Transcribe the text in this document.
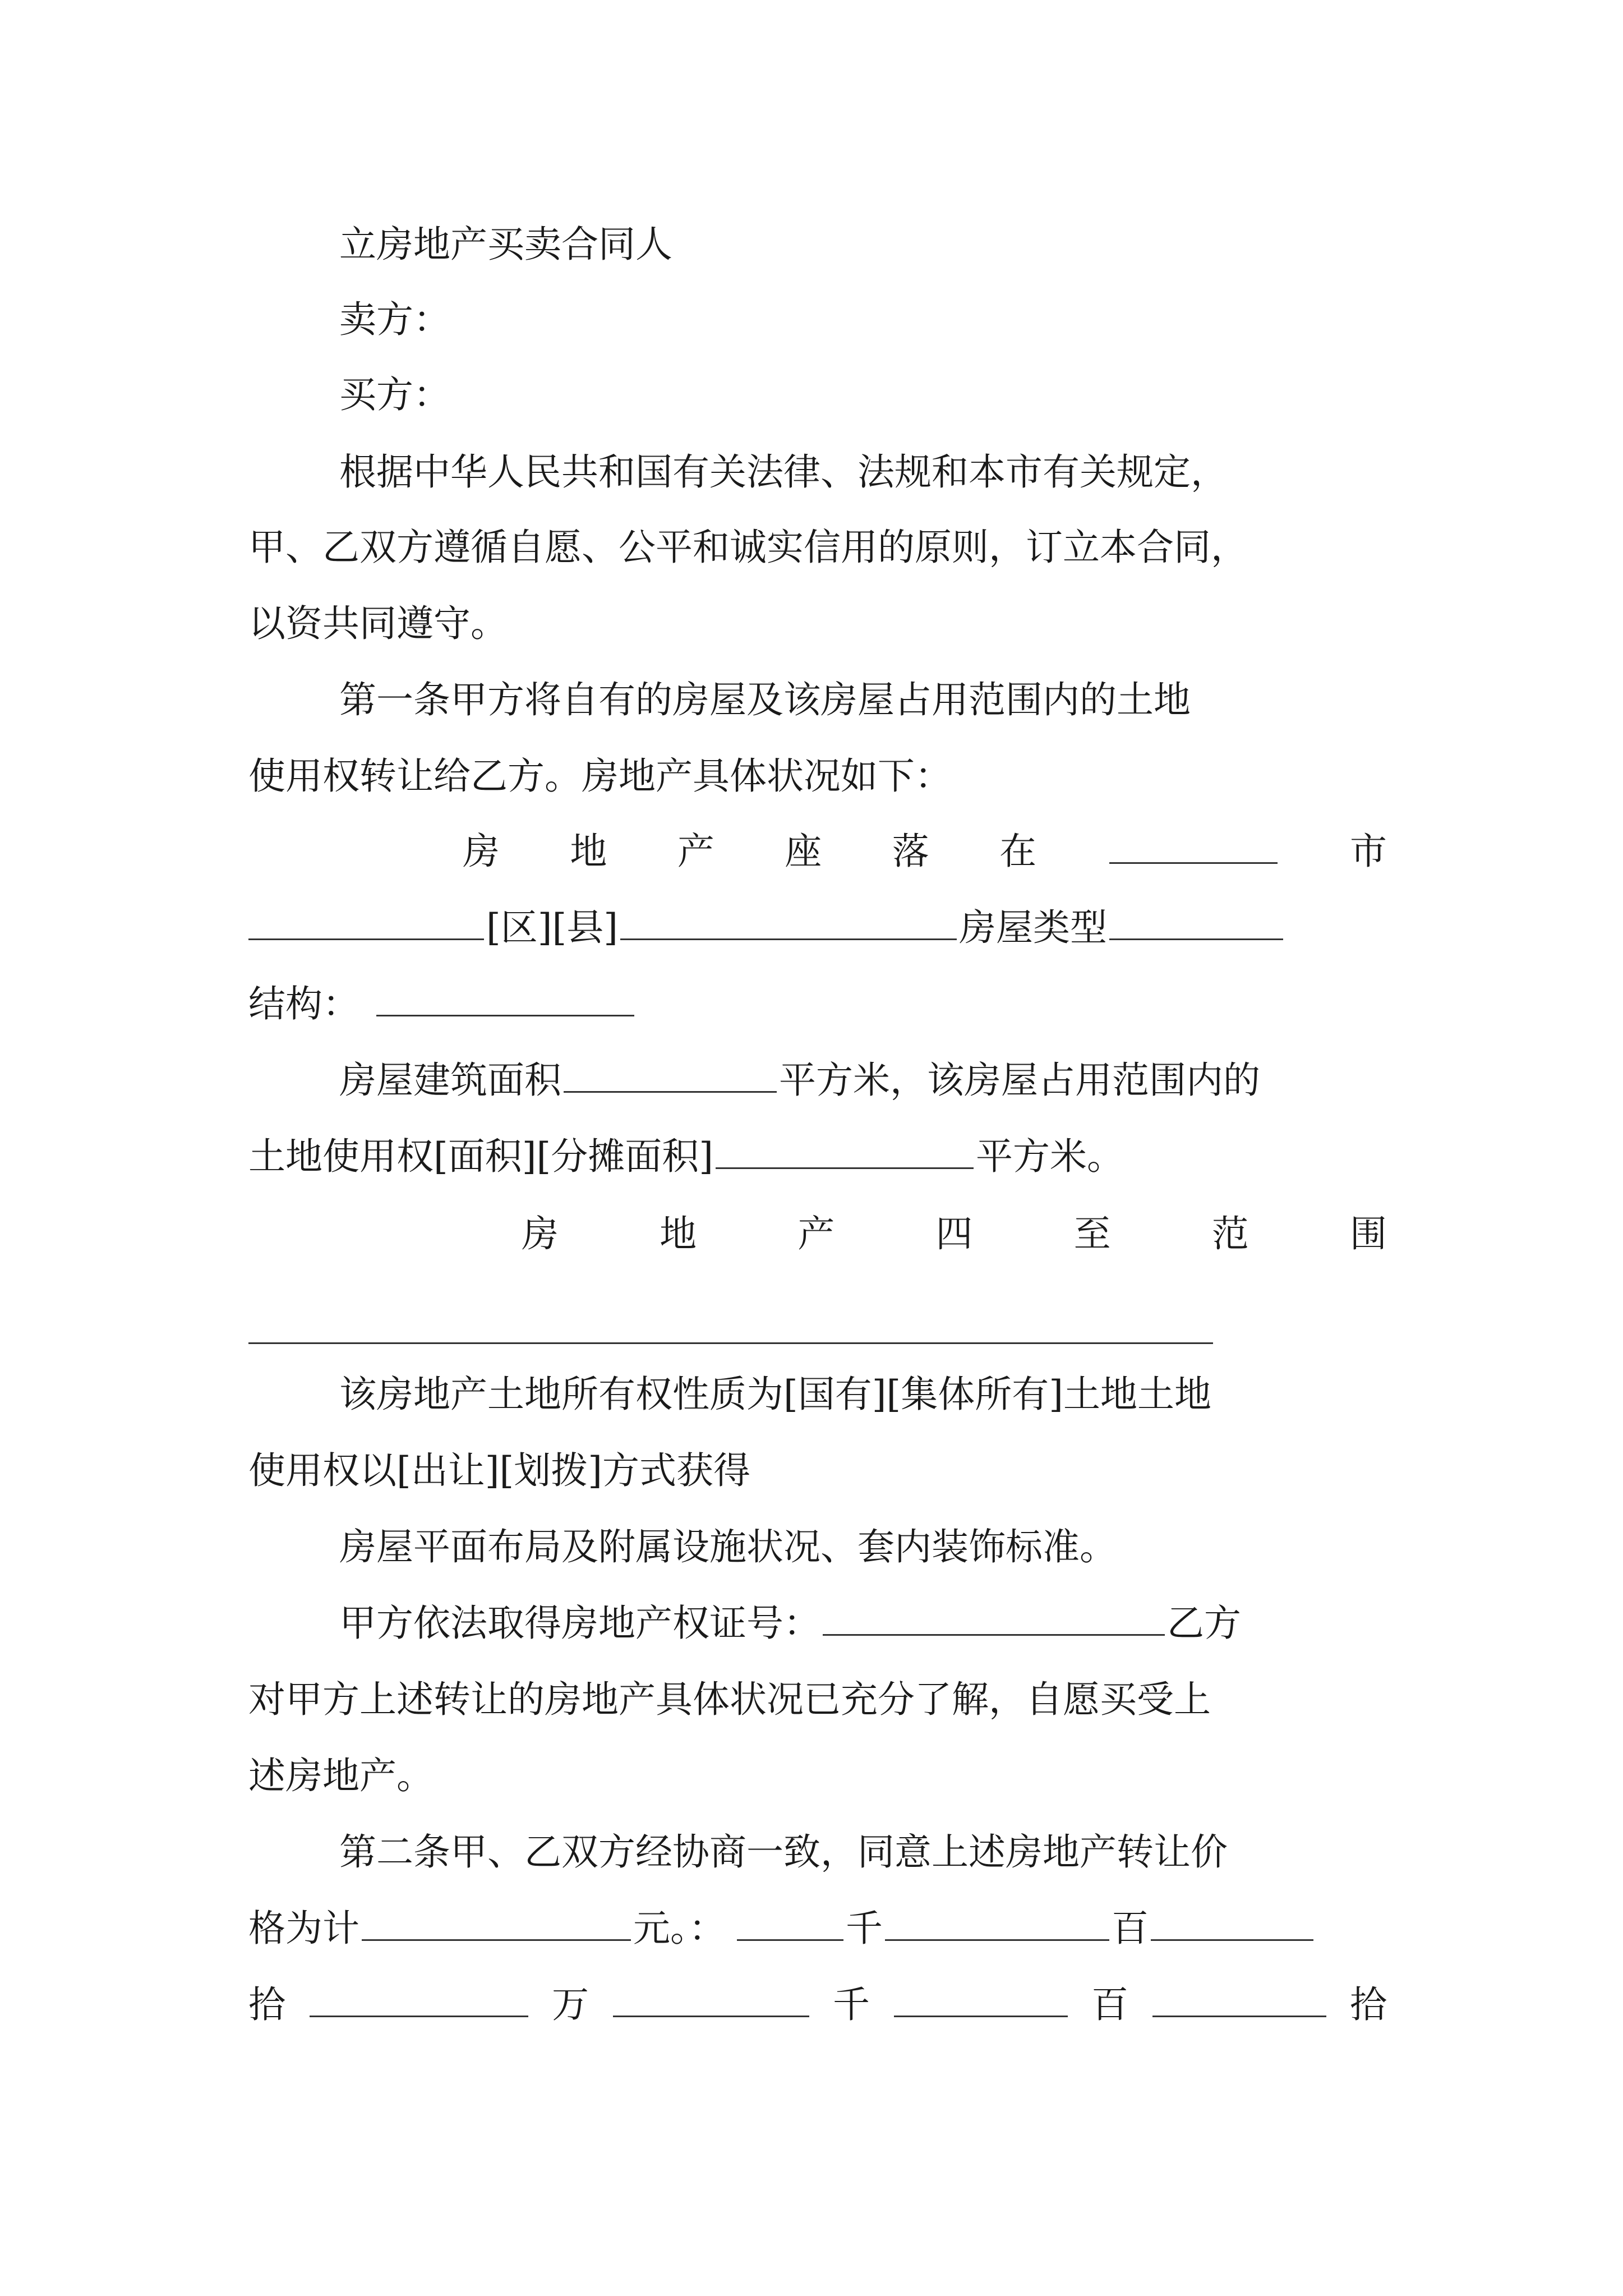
立房地产买卖合同人
卖方：
买方：
根据中华人民共和国有关法律、法规和本市有关规定，
甲、乙双方遵循自愿、公平和诚实信用的原则，订立本合同，
以资共同遵守。
第一条甲方将自有的房屋及该房屋占用范围内的土地
使用权转让给乙方。房地产具体状况如下：
房 地 产 座 落 在	市
[区][县]	房屋类型
结构：
房屋建筑面积	平方米，该房屋占用范围内的
土地使用权[面积][分摊面积]	平方米。
房	地	产	四	至	范	围
该房地产土地所有权性质为[国有][集体所有]土地土地
使用权以[出让][划拨]方式获得
房屋平面布局及附属设施状况、套内装饰标准。
甲方依法取得房地产权证号：	乙方
对甲方上述转让的房地产具体状况已充分了解，自愿买受上
述房地产。
第二条甲、乙双方经协商一致，同意上述房地产转让价
格为计	元。：	千	百
拾	万	千	百	拾
